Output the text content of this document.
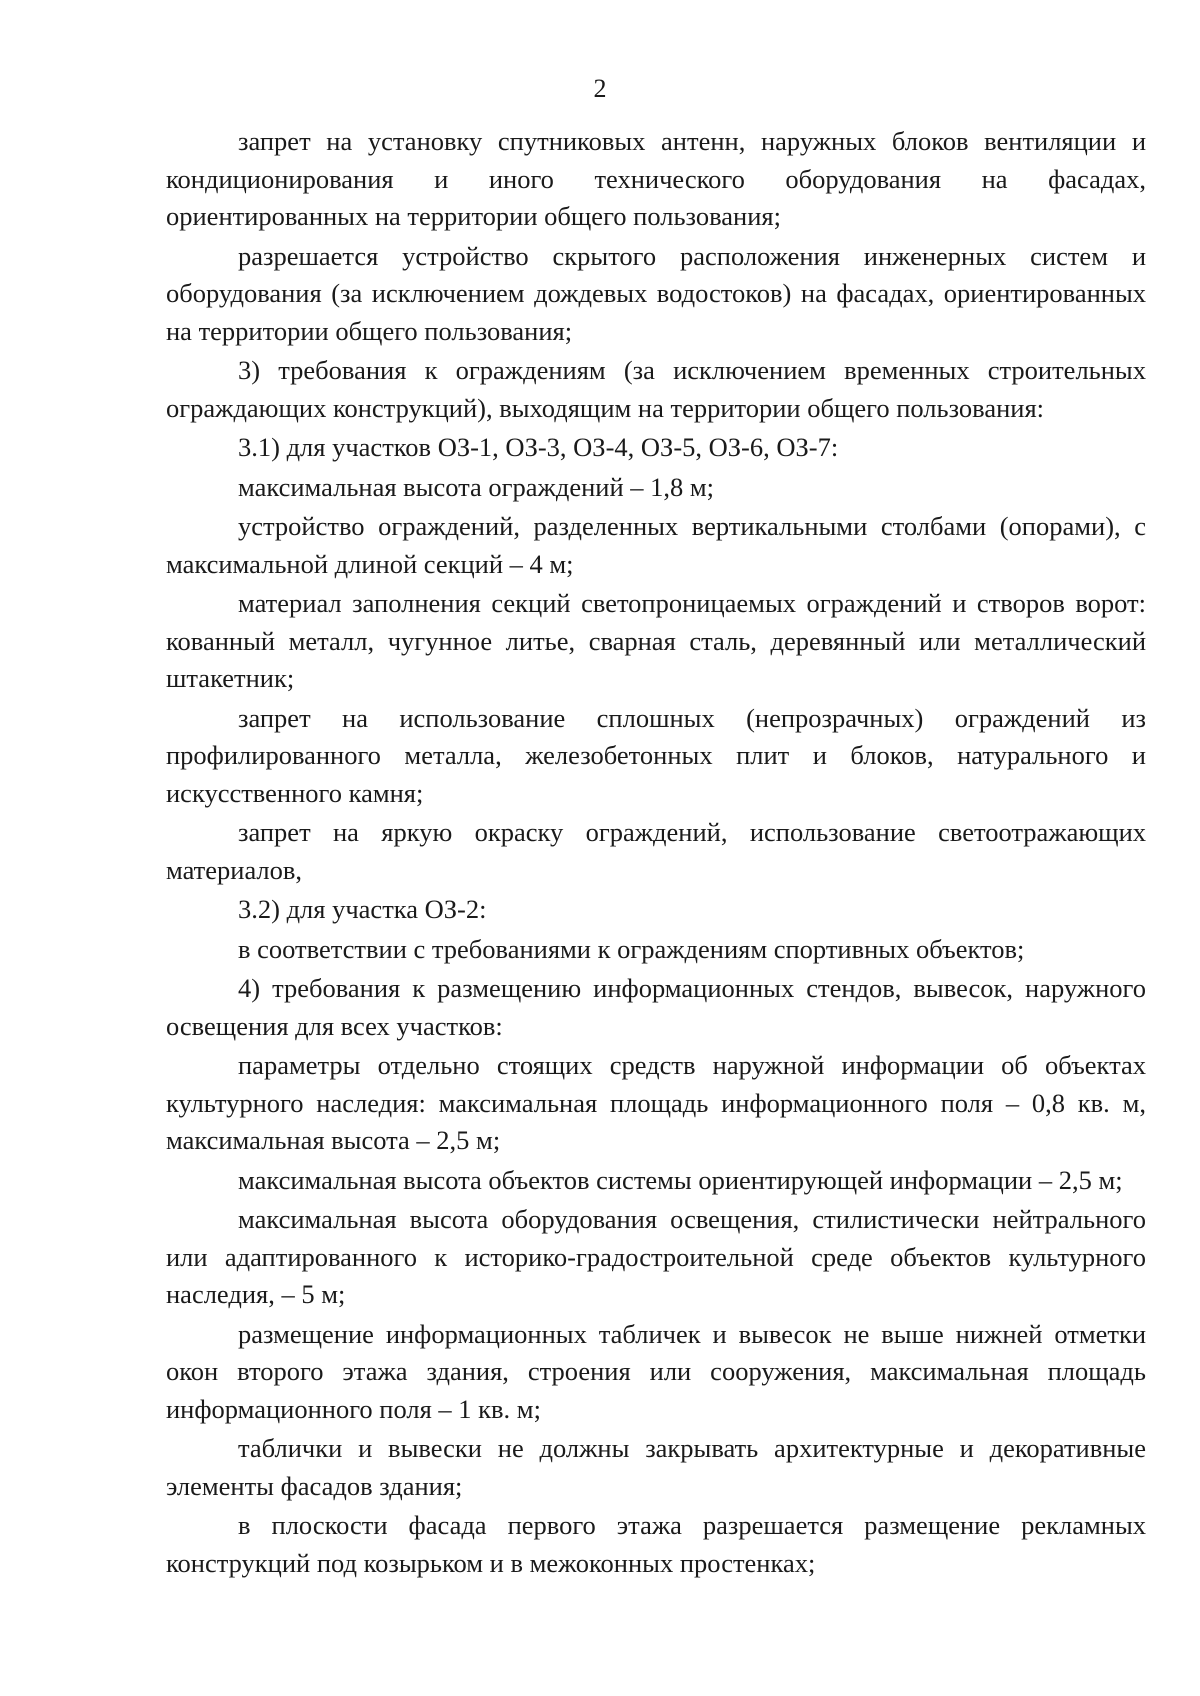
2

запрет на установку спутниковых антенн, наружных блоков вентиляции и кондиционирования и иного технического оборудования на фасадах, ориентированных на территории общего пользования;

разрешается устройство скрытого расположения инженерных систем и оборудования (за исключением дождевых водостоков) на фасадах, ориентированных на территории общего пользования;

3) требования к ограждениям (за исключением временных строительных ограждающих конструкций), выходящим на территории общего пользования:

3.1) для участков ОЗ-1, ОЗ-3, ОЗ-4, ОЗ-5, ОЗ-6, ОЗ-7:

максимальная высота ограждений – 1,8 м;

устройство ограждений, разделенных вертикальными столбами (опорами), с максимальной длиной секций – 4 м;

материал заполнения секций светопроницаемых ограждений и створов ворот: кованный металл, чугунное литье, сварная сталь, деревянный или металлический штакетник;

запрет на использование сплошных (непрозрачных) ограждений из профилированного металла, железобетонных плит и блоков, натурального и искусственного камня;

запрет на яркую окраску ограждений, использование светоотражающих материалов,

3.2) для участка ОЗ-2:

в соответствии с требованиями к ограждениям спортивных объектов;

4) требования к размещению информационных стендов, вывесок, наружного освещения для всех участков:

параметры отдельно стоящих средств наружной информации об объектах культурного наследия: максимальная площадь информационного поля – 0,8 кв. м, максимальная высота – 2,5 м;

максимальная высота объектов системы ориентирующей информации – 2,5 м;

максимальная высота оборудования освещения, стилистически нейтрального или адаптированного к историко-градостроительной среде объектов культурного наследия, – 5 м;

размещение информационных табличек и вывесок не выше нижней отметки окон второго этажа здания, строения или сооружения, максимальная площадь информационного поля – 1 кв. м;

таблички и вывески не должны закрывать архитектурные и декоративные элементы фасадов здания;

в плоскости фасада первого этажа разрешается размещение рекламных конструкций под козырьком и в межоконных простенках;
